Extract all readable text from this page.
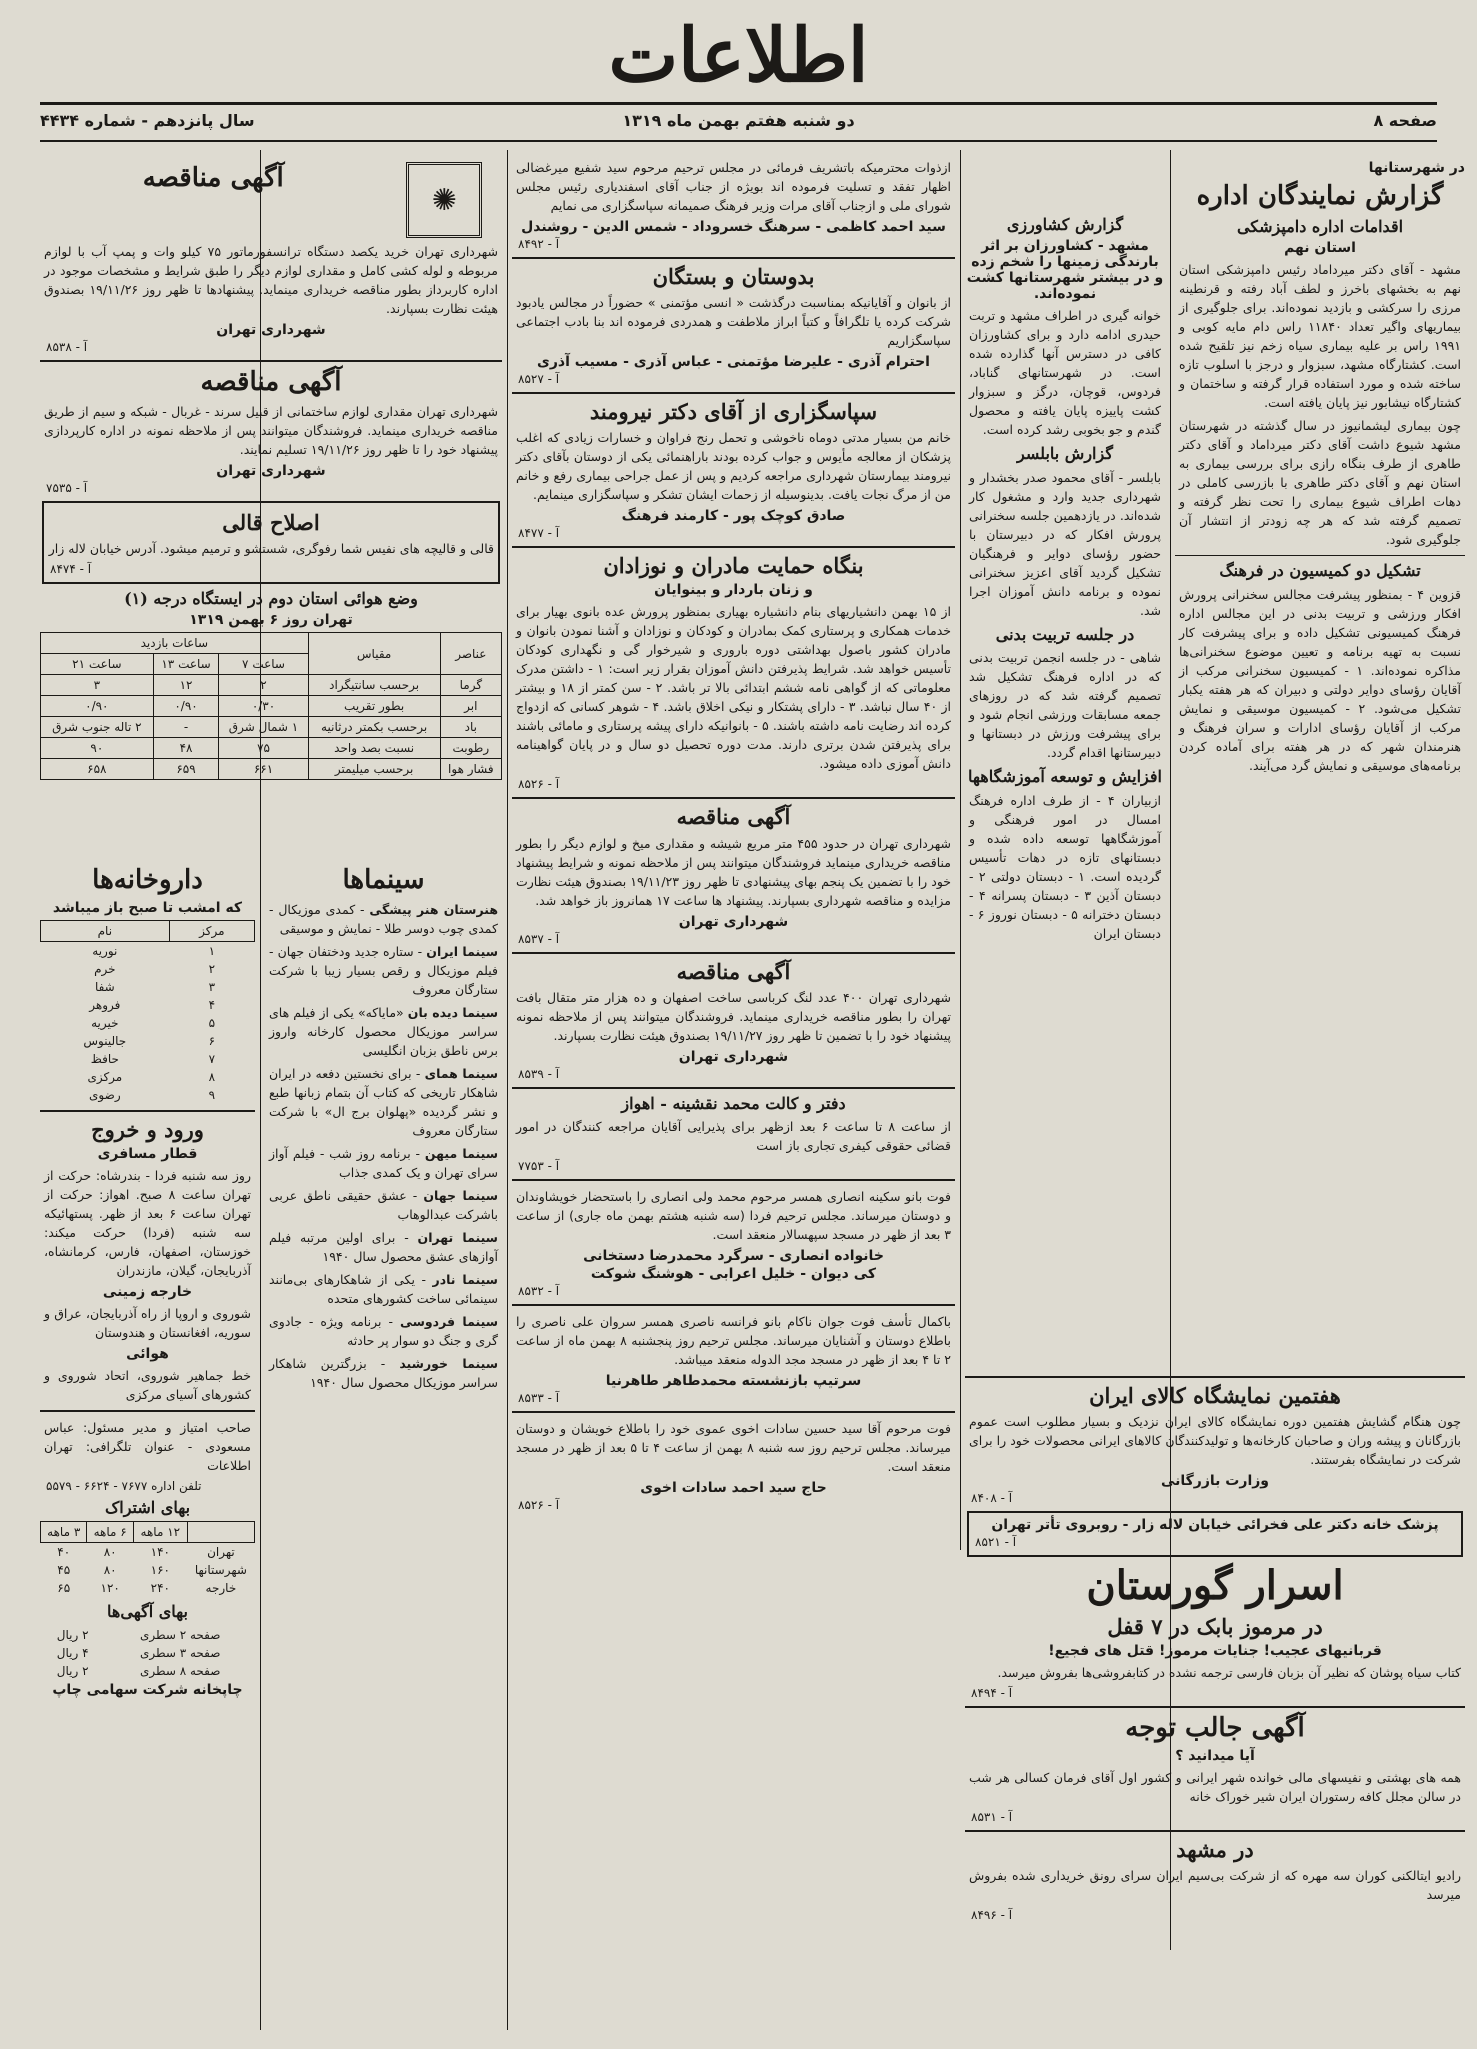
اطلاعات
صفحه ۸
دو شنبه هفتم بهمن ماه ۱۳۱۹
سال پانزدهم - شماره ۴۴۳۴
در شهرستانها
گزارش نمایندگان اداره
اقدامات اداره دامپزشکی
استان نهم
مشهد - آقای دکتر میرداماد رئیس دامپزشکی استان نهم به بخشهای باخرز و لطف آباد رفته و قرنطینه مرزی را سرکشی و بازدید نموده‌اند. برای جلوگیری از بیماریهای واگیر تعداد ۱۱۸۴۰ راس دام مایه کوبی و ۱۹۹۱ راس بر علیه بیماری سیاه زخم نیز تلقیح شده است. کشتارگاه مشهد، سبزوار و درجز با اسلوب تازه ساخته شده و مورد استفاده قرار گرفته و ساختمان و کشتارگاه نیشابور نیز پایان یافته است.
چون بیماری لیشمانیوز در سال گذشته در شهرستان مشهد شیوع داشت آقای دکتر میرداماد و آقای دکتر طاهری از طرف بنگاه رازی برای بررسی بیماری به استان نهم و آقای دکتر طاهری با بازرسی کاملی در دهات اطراف شیوع بیماری را تحت نظر گرفته و تصمیم گرفته شد که هر چه زودتر از انتشار آن جلوگیری شود.
تشکیل دو کمیسیون در فرهنگ
قزوین ۴ - بمنظور پیشرفت مجالس سخنرانی پرورش افکار ورزشی و تربیت بدنی در این مجالس اداره فرهنگ کمیسیونی تشکیل داده و برای پیشرفت کار نسبت به تهیه برنامه و تعیین موضوع سخنرانی‌ها مذاکره نموده‌اند. ۱ - کمیسیون سخنرانی مرکب از آقایان رؤسای دوایر دولتی و دبیران که هر هفته یکبار تشکیل می‌شود. ۲ - کمیسیون موسیقی و نمایش مرکب از آقایان رؤسای ادارات و سران فرهنگ و هنرمندان شهر که در هر هفته برای آماده کردن برنامه‌های موسیقی و نمایش گرد می‌آیند.
گزارش کشاورزی
مشهد - کشاورزان بر اثر بارندگی زمینها را شخم زده و در بیشتر شهرستانها کشت نموده‌اند.
خوانه گیری در اطراف مشهد و تربت حیدری ادامه دارد و برای کشاورزان کافی در دسترس آنها گذارده شده است. در شهرستانهای گناباد، فردوس، قوچان، درگز و سبزوار کشت پاییزه پایان یافته و محصول گندم و جو بخوبی رشد کرده است.
گزارش بابلسر
بابلسر - آقای محمود صدر بخشدار و شهرداری جدید وارد و مشغول کار شده‌اند. در یازدهمین جلسه سخنرانی پرورش افکار که در دبیرستان با حضور رؤسای دوایر و فرهنگیان تشکیل گردید آقای اعزیز سخنرانی نموده و برنامه دانش آموزان اجرا شد.
در جلسه تربیت بدنی
شاهی - در جلسه انجمن تربیت بدنی که در اداره فرهنگ تشکیل شد تصمیم گرفته شد که در روزهای جمعه مسابقات ورزشی انجام شود و برای پیشرفت ورزش در دبستانها و دبیرستانها اقدام گردد.
افزایش و توسعه آموزشگاهها
ازبیاران ۴ - از طرف اداره فرهنگ امسال در امور فرهنگی و آموزشگاهها توسعه داده شده و دبستانهای تازه در دهات تأسیس گردیده است. ۱ - دبستان دولتی ۲ - دبستان آذین ۳ - دبستان پسرانه ۴ - دبستان دخترانه ۵ - دبستان نوروز ۶ - دبستان ایران
ازذوات محترمیکه باتشریف فرمائی در مجلس ترحیم مرحوم سید شفیع میرغضالی اظهار تفقد و تسلیت فرموده اند بویژه از جناب آقای اسفندیاری رئیس مجلس شورای ملی و ازجناب آقای مرات وزیر فرهنگ صمیمانه سپاسگزاری می نمایم
سید احمد کاظمی - سرهنگ خسروداد - شمس الدین - روشندل
۸۴۹۲ - آ
بدوستان و بستگان
از بانوان و آقایانیکه بمناسبت درگذشت « انسی مؤتمنی » حضوراً در مجالس یادبود شرکت کرده یا تلگرافاً و کتباً ابراز ملاطفت و همدردی فرموده اند بنا بادب اجتماعی سپاسگزاریم
احترام آذری - علیرضا مؤتمنی - عباس آذری - مسیب آذری
۸۵۲۷ - آ
سپاسگزاری از آقای دکتر نیرومند
خانم من بسیار مدتی دوماه ناخوشی و تحمل رنج فراوان و خسارات زیادی که اغلب پزشکان از معالجه مأیوس و جواب کرده بودند باراهنمائی یکی از دوستان بآقای دکتر نیرومند بیمارستان شهرداری مراجعه کردیم و پس از عمل جراحی بیماری رفع و خانم من از مرگ نجات یافت. بدینوسیله از زحمات ایشان تشکر و سپاسگزاری مینمایم.
صادق کوچک پور - کارمند فرهنگ
۸۴۷۷ - آ
بنگاه حمایت مادران و نوزادان
و زنان باردار و بینوایان
از ۱۵ بهمن دانشیاریهای بنام دانشیاره بهیاری بمنظور پرورش عده بانوی بهیار برای خدمات همکاری و پرستاری کمک بمادران و کودکان و نوزادان و آشنا نمودن بانوان و مادران کشور باصول بهداشتی دوره باروری و شیرخوار گی و نگهداری کودکان تأسیس خواهد شد. شرایط پذیرفتن دانش آموزان بقرار زیر است: ۱ - داشتن مدرک معلوماتی که از گواهی نامه ششم ابتدائی بالا تر باشد. ۲ - سن کمتر از ۱۸ و بیشتر از ۴۰ سال نباشد. ۳ - دارای پشتکار و نیکی اخلاق باشد. ۴ - شوهر کسانی که ازدواج کرده اند رضایت نامه داشته باشند. ۵ - بانوانیکه دارای پیشه پرستاری و مامائی باشند برای پذیرفتن شدن برتری دارند. مدت دوره تحصیل دو سال و در پایان گواهینامه دانش آموزی داده میشود.
۸۵۲۶ - آ
آگهی مناقصه
شهرداری تهران در حدود ۴۵۵ متر مربع شیشه و مقداری میخ و لوازم دیگر را بطور مناقصه خریداری مینماید فروشندگان میتوانند پس از ملاحظه نمونه و شرایط پیشنهاد خود را با تضمین یک پنجم بهای پیشنهادی تا ظهر روز ۱۹/۱۱/۲۳ بصندوق هیئت نظارت مزایده و مناقصه شهرداری بسپارند. پیشنهاد ها ساعت ۱۷ همانروز باز خواهد شد.
شهرداری تهران
۸۵۳۷ - آ
آگهی مناقصه
شهرداری تهران ۴۰۰ عدد لنگ کرباسی ساخت اصفهان و ده هزار متر متقال بافت تهران را بطور مناقصه خریداری مینماید. فروشندگان میتوانند پس از ملاحظه نمونه پیشنهاد خود را با تضمین تا ظهر روز ۱۹/۱۱/۲۷ بصندوق هیئت نظارت بسپارند.
شهرداری تهران
۸۵۳۹ - آ
دفتر و کالت محمد نقشینه - اهواز
از ساعت ۸ تا ساعت ۶ بعد ازظهر برای پذیرایی آقایان مراجعه کنندگان در امور قضائی حقوقی کیفری تجاری باز است
۷۷۵۳ - آ
فوت بانو سکینه انصاری همسر مرحوم محمد ولی انصاری را باستحضار خویشاوندان و دوستان میرساند. مجلس ترحیم فردا (سه شنبه هشتم بهمن ماه جاری) از ساعت ۳ بعد از ظهر در مسجد سپهسالار منعقد است.
خانواده انصاری - سرگرد محمدرضا دستخانی
کی دیوان - خلیل اعرابی - هوشنگ شوکت
۸۵۳۲ - آ
باکمال تأسف فوت جوان ناکام بانو فرانسه ناصری همسر سروان علی ناصری را باطلاع دوستان و آشنایان میرساند. مجلس ترحیم روز پنجشنبه ۸ بهمن ماه از ساعت ۲ تا ۴ بعد از ظهر در مسجد مجد الدوله منعقد میباشد.
سرتیپ بازنشسته محمدطاهر طاهرنیا
۸۵۳۳ - آ
فوت مرحوم آقا سید حسین سادات اخوی عموی خود را باطلاع خویشان و دوستان میرساند. مجلس ترحیم روز سه شنبه ۸ بهمن از ساعت ۴ تا ۵ بعد از ظهر در مسجد منعقد است.
حاج سید احمد سادات اخوی
۸۵۲۶ - آ
سینماها
هنرستان هنر پیشگی - کمدی موزیکال - کمدی چوب دوسر طلا - نمایش و موسیقی
سینما ایران - ستاره جدید ودختفان جهان - فیلم موزیکال و رقص بسیار زیبا با شرکت ستارگان معروف
سینما دیده بان «مایاکه» یکی از فیلم های سراسر موزیکال محصول کارخانه واروز برس ناطق بزبان انگلیسی
سینما همای - برای نخستین دفعه در ایران شاهکار تاریخی که کتاب آن بتمام زبانها طبع و نشر گردیده «پهلوان برج ال» با شرکت ستارگان معروف
سینما میهن - برنامه روز شب - فیلم آواز سرای تهران و یک کمدی جذاب
سینما جهان - عشق حقیقی ناطق عربی باشرکت عبدالوهاب
سینما تهران - برای اولین مرتبه فیلم آوازهای عشق محصول سال ۱۹۴۰
سینما نادر - یکی از شاهکارهای بی‌مانند سینمائی ساخت کشورهای متحده
سینما فردوسی - برنامه ویژه - جادوی گری و جنگ دو سوار پر حادثه
سینما خورشید - بزرگترین شاهکار سراسر موزیکال محصول سال ۱۹۴۰
✺
آگهی مناقصه
شهرداری تهران خرید یکصد دستگاه ترانسفورماتور ۷۵ کیلو وات و پمپ آب با لوازم مربوطه و لوله کشی کامل و مقداری لوازم دیگر را طبق شرایط و مشخصات موجود در اداره کاربرداز بطور مناقصه خریداری مینماید. پیشنهادها تا ظهر روز ۱۹/۱۱/۲۶ بصندوق هیئت نظارت بسپارند.
شهرداری تهران
۸۵۳۸ - آ
آگهی مناقصه
شهرداری تهران مقداری لوازم ساختمانی از قبیل سرند - غربال - شبکه و سیم از طریق مناقصه خریداری مینماید. فروشندگان میتوانند پس از ملاحظه نمونه در اداره کارپردازی پیشنهاد خود را تا ظهر روز ۱۹/۱۱/۲۶ تسلیم نمایند.
شهرداری تهران
۷۵۳۵ - آ
اصلاح قالی
قالی و قالیچه های نفیس شما رفوگری، شستشو و ترمیم میشود. آدرس خیابان لاله زار
۸۴۷۴ - آ
وضع هوائی استان دوم در ایستگاه درجه (۱)
تهران روز ۶ بهمن ۱۳۱۹
عناصر	مقیاس	ساعات بازدید		
		ساعت ۷	ساعت ۱۳	ساعت ۲۱
گرما	برحسب سانتیگراد	۲	۱۲	۳
ابر	بطور تقریب	۰/۳۰	۰/۹۰	۰/۹۰
باد	برحسب بکمتر درثانیه	۱ شمال شرق	-	۲ تاله جنوب شرق
رطوبت	نسبت بصد واحد	۷۵	۴۸	۹۰
فشار هوا	برحسب میلیمتر	۶۶۱	۶۵۹	۶۵۸
داروخانه‌ها
که امشب تا صبح باز میباشد
مرکز	نام
۱	نوریه
۲	خرم
۳	شفا
۴	فروهر
۵	خیریه
۶	جالینوس
۷	حافظ
۸	مرکزی
۹	رضوی
ورود و خروج
قطار مسافری
روز سه شنبه فردا - بندرشاه: حرکت از تهران ساعت ۸ صبح. اهواز: حرکت از تهران ساعت ۶ بعد از ظهر. پستهائیکه سه شنبه (فردا) حرکت میکند: خوزستان، اصفهان، فارس، کرمانشاه، آذربایجان، گیلان، مازندران
خارجه زمینی
شوروی و اروپا از راه آذربایجان، عراق و سوریه، افغانستان و هندوستان
هوائی
خط جماهیر شوروی، اتحاد شوروی و کشورهای آسیای مرکزی
صاحب امتیاز و مدیر مسئول: عباس مسعودی - عنوان تلگرافی: تهران اطلاعات
تلفن اداره ۷۶۷۷ - ۶۶۲۴ - ۵۵۷۹
بهای اشتراک
	۱۲ ماهه	۶ ماهه	۳ ماهه
تهران	۱۴۰	۸۰	۴۰
شهرستانها	۱۶۰	۸۰	۴۵
خارجه	۲۴۰	۱۲۰	۶۵
بهای آگهی‌ها
صفحه ۲ سطری	۲ ریال
صفحه ۳ سطری	۴ ریال
صفحه ۸ سطری	۲ ریال
چاپخانه شرکت سهامی چاپ
هفتمین نمایشگاه کالای ایران
چون هنگام گشایش هفتمین دوره نمایشگاه کالای ایران نزدیک و بسیار مطلوب است عموم بازرگانان و پیشه وران و صاحبان کارخانه‌ها و تولیدکنندگان کالاهای ایرانی محصولات خود را برای شرکت در نمایشگاه بفرستند.
وزارت بازرگانی
۸۴۰۸ - آ
پزشک خانه دکتر علی فخرائی خیابان لاله زار - روبروی تأتر تهران
۸۵۲۱ - آ
اسرار گورستان
در مرموز بابک در ۷ قفل
قربانیهای عجیب! جنایات مرموز! قتل های فجیع!
کتاب سیاه پوشان که نظیر آن بزبان فارسی ترجمه نشده در کتابفروشی‌ها بفروش میرسد.
۸۴۹۴ - آ
آگهی جالب توجه
آیا میدانید ؟
همه های بهشتی و نفیسهای مالی خوانده شهر ایرانی و کشور اول آقای فرمان کسالی هر شب در سالن مجلل کافه رستوران ایران شیر خوراک خانه
۸۵۳۱ - آ
در مشهد
رادیو ایتالکنی کوران سه مهره که از شرکت بی‌سیم ایران سرای رونق خریداری شده بفروش میرسد
۸۴۹۶ - آ
